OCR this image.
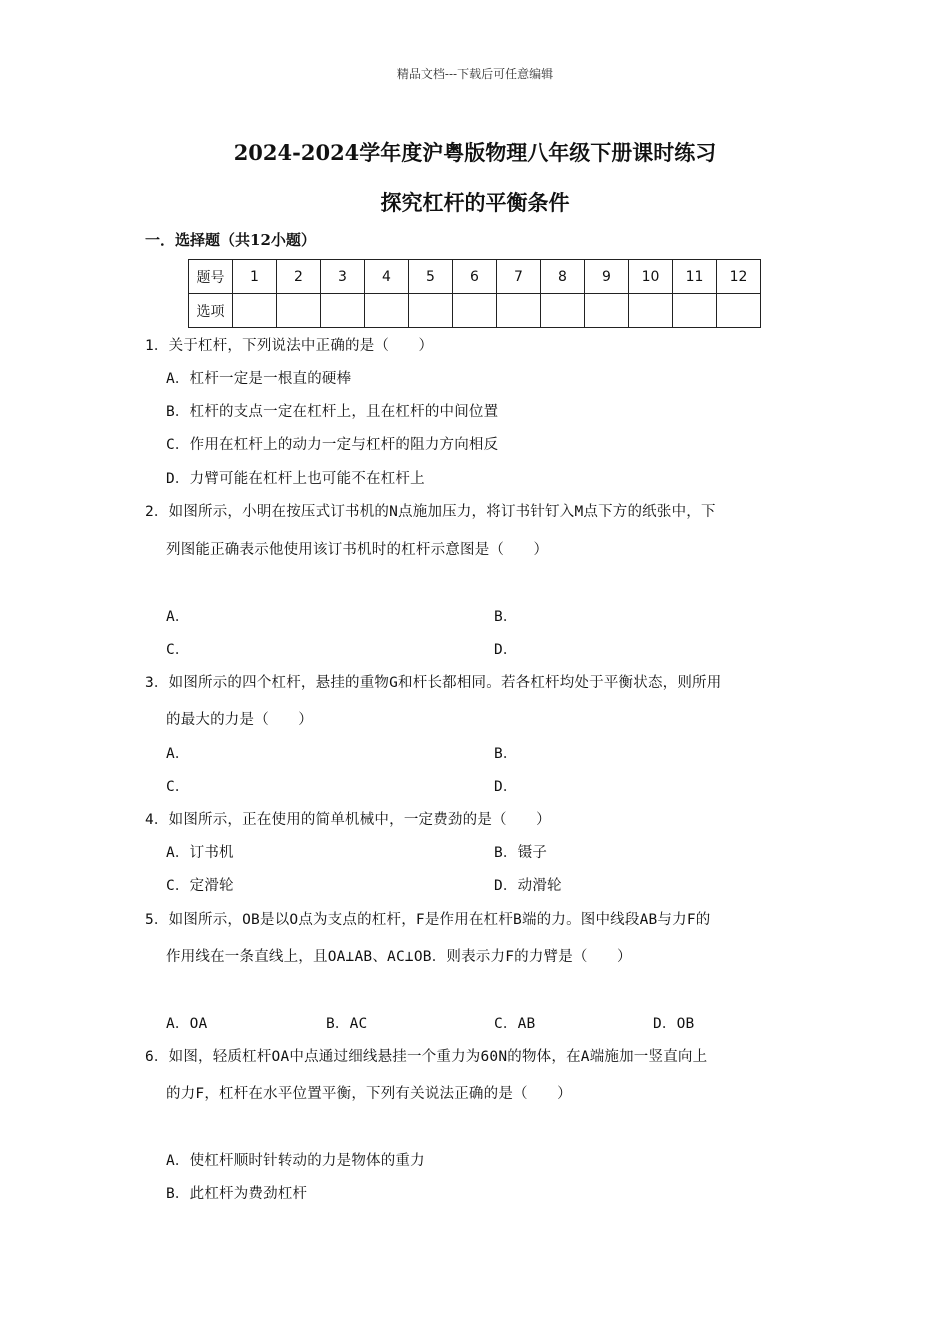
精品文档---下载后可任意编辑
2024-2024学年度沪粤版物理八年级下册课时练习
探究杠杆的平衡条件
一．选择题（共12小题）
题号	1	2	3	4	5	6	7	8	9	10	11	12
选项												
1．关于杠杆，下列说法中正确的是（　　）
A．杠杆一定是一根直的硬棒
B．杠杆的支点一定在杠杆上，且在杠杆的中间位置
C．作用在杠杆上的动力一定与杠杆的阻力方向相反
D．力臂可能在杠杆上也可能不在杠杆上
2．如图所示，小明在按压式订书机的N点施加压力，将订书针钉入M点下方的纸张中，下
列图能正确表示他使用该订书机时的杠杆示意图是（　　）
A．	B．
C．	D．
3．如图所示的四个杠杆，悬挂的重物G和杆长都相同。若各杠杆均处于平衡状态，则所用
的最大的力是（　　）
A．	B．
C．	D．
4．如图所示，正在使用的简单机械中，一定费劲的是（　　）
A．订书机	B．镊子
C．定滑轮	D．动滑轮
5．如图所示，OB是以O点为支点的杠杆，F是作用在杠杆B端的力。图中线段AB与力F的
作用线在一条直线上，且OA⊥AB、AC⊥OB．则表示力F的力臂是（　　）
A．OA	B．AC	C．AB	D．OB
6．如图，轻质杠杆OA中点通过细线悬挂一个重力为60N的物体，在A端施加一竖直向上
的力F，杠杆在水平位置平衡，下列有关说法正确的是（　　）
A．使杠杆顺时针转动的力是物体的重力
B．此杠杆为费劲杠杆
